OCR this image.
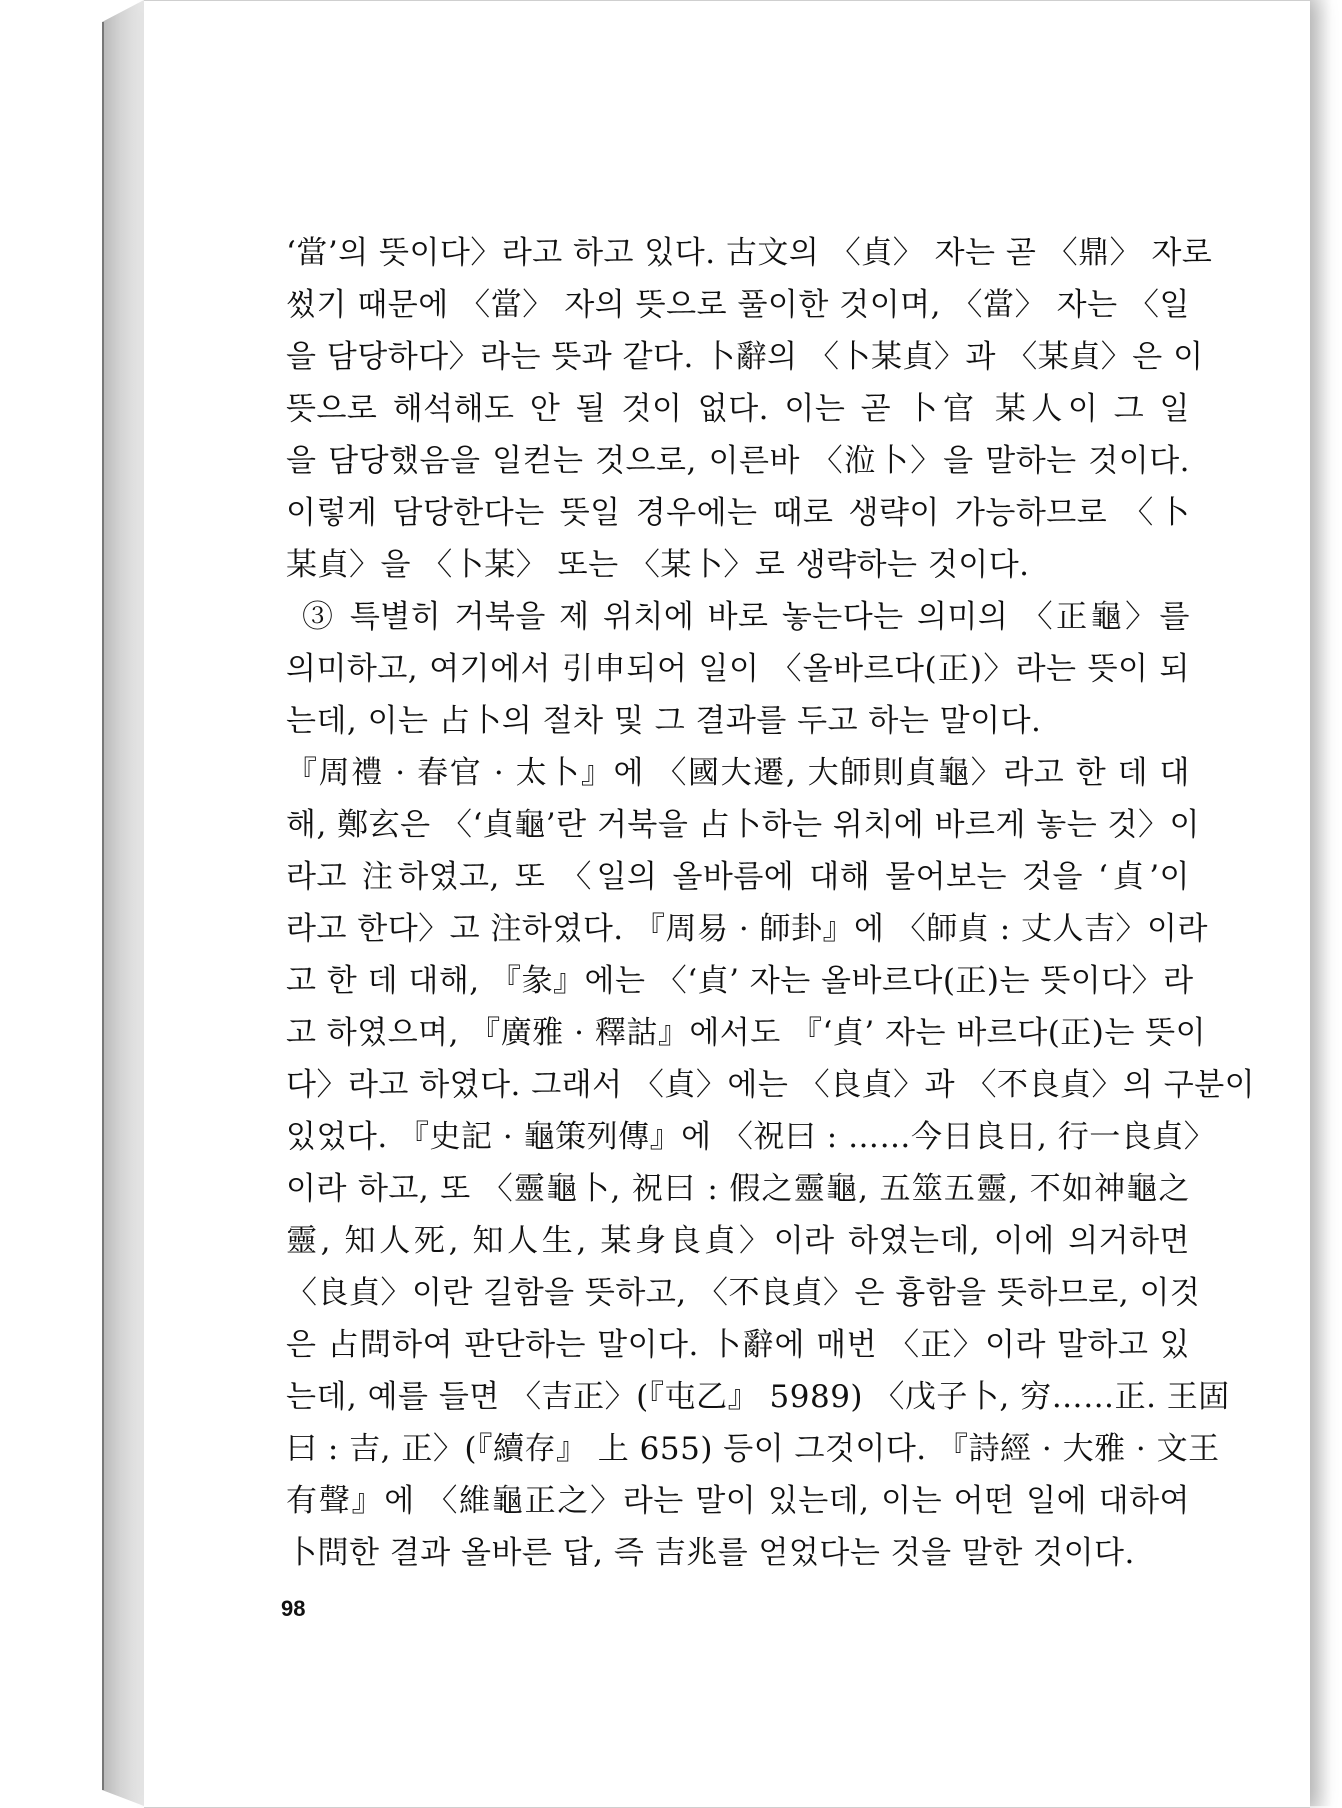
‘當’의 뜻이다〉라고 하고 있다. 古文의 〈貞〉 자는 곧 〈鼎〉 자로
썼기 때문에 〈當〉 자의 뜻으로 풀이한 것이며, 〈當〉 자는 〈일
을 담당하다〉라는 뜻과 같다. 卜辭의 〈卜某貞〉과 〈某貞〉은 이
뜻으로 해석해도 안 될 것이 없다. 이는 곧 卜官 某人이 그 일
을 담당했음을 일컫는 것으로, 이른바 〈涖卜〉을 말하는 것이다.
이렇게 담당한다는 뜻일 경우에는 때로 생략이 가능하므로 〈卜
某貞〉을 〈卜某〉 또는 〈某卜〉로 생략하는 것이다.
③ 특별히 거북을 제 위치에 바로 놓는다는 의미의 〈正龜〉를
의미하고, 여기에서 引申되어 일이 〈올바르다(正)〉라는 뜻이 되
는데, 이는 占卜의 절차 및 그 결과를 두고 하는 말이다.
『周禮 · 春官 · 太卜』에 〈國大遷, 大師則貞龜〉라고 한 데 대
해, 鄭玄은 〈‘貞龜’란 거북을 占卜하는 위치에 바르게 놓는 것〉이
라고 注하였고, 또 〈일의 올바름에 대해 물어보는 것을 ‘貞’이
라고 한다〉고 注하였다. 『周易 · 師卦』에 〈師貞 : 丈人吉〉이라
고 한 데 대해, 『彖』에는 〈‘貞’ 자는 올바르다(正)는 뜻이다〉라
고 하였으며, 『廣雅 · 釋詁』에서도 『‘貞’ 자는 바르다(正)는 뜻이
다〉라고 하였다. 그래서 〈貞〉에는 〈良貞〉과 〈不良貞〉의 구분이
있었다. 『史記 · 龜策列傳』에 〈祝曰 : ……今日良日, 行一良貞〉
이라 하고, 또 〈靈龜卜, 祝曰 : 假之靈龜, 五筮五靈, 不如神龜之
靈, 知人死, 知人生, 某身良貞〉이라 하였는데, 이에 의거하면
〈良貞〉이란 길함을 뜻하고, 〈不良貞〉은 흉함을 뜻하므로, 이것
은 占問하여 판단하는 말이다. 卜辭에 매번 〈正〉이라 말하고 있
는데, 예를 들면 〈吉正〉(『屯乙』 5989) 〈戊子卜, 穷……正. 王固
曰 : 吉, 正〉(『續存』 上 655) 등이 그것이다. 『詩經 · 大雅 · 文王
有聲』에 〈維龜正之〉라는 말이 있는데, 이는 어떤 일에 대하여
卜問한 결과 올바른 답, 즉 吉兆를 얻었다는 것을 말한 것이다.
98
